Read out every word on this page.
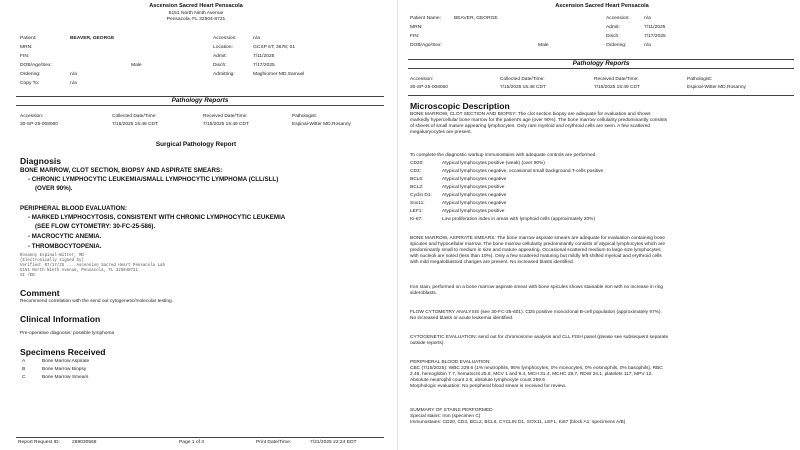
Ascension Sacred Heart Pensacola
5151 North Ninth Avenue
Pensacola, FL 32504-8721
Patient:	BEAVER, GEORGE
MRN:
FIN:
DOB/Age/Sex:	Male
Ordering:	n/a
Copy To:	n/a
Accession:	n/a
Location:	GCSP 6T; 3678; 01
Admit:	7/11/2025
Disch:	7/17/2025
Admitting:	Maghiomer MD,Samuel
Pathology Reports
Accession:	Collected Date/Time:	Received Date/Time:	Pathologist:
30-SP-25-008060	7/15/2025 15:48 CDT	7/15/2025 15:49 CDT	Espinal-Witter MD,Rosanny
Surgical Pathology Report
Diagnosis
BONE MARROW, CLOT SECTION, BIOPSY AND ASPIRATE SMEARS:
- CHRONIC LYMPHOCYTIC LEUKEMIA/SMALL LYMPHOCYTIC LYMPHOMA (CLL/SLL)
(OVER 90%).
PERIPHERAL BLOOD EVALUATION:
- MARKED LYMPHOCYTOSIS, CONSISTENT WITH CHRONIC LYMPHOCYTIC LEUKEMIA
(SEE FLOW CYTOMETRY: 30-FC-25-586).
- MACROCYTIC ANEMIA.
- THROMBOCYTOPENIA.
Rosanny Espinal-Witter, MD
(Electronically signed by)
Verified: 07/17/25 ... Ascension Sacred Heart Pensacola Lab
5151 North Ninth Avenue, Pensacola, FL 325048721
SI /EB
Comment
Recommend correlation with the send out cytogenetic/molecular testing.
Clinical Information
Pre-operative diagnosis: possible lymphoma
Specimens Received
A	Bone Marrow Aspirate
B	Bone Marrow Biopsy
C	Bone Marrow Smears
Report Request ID: 289030568	Page 1 of 3	Print Date/Time:	7/21/2025 22:24 EDT
Ascension Sacred Heart Pensacola
Patient Name:	BEAVER, GEORGE
MRN:
FIN:
DOB/Age/Sex:	Male
Accession:	n/a
Admit:	7/11/2025
Disch:	7/17/2025
Ordering:	n/a
Pathology Reports
Accession:	Collected Date/Time:	Received Date/Time:	Pathologist:
30-SP-25-008060	7/15/2025 15:48 CDT	7/15/2025 15:49 CDT	Espinal-Witter MD,Rosanny
Microscopic Description
BONE MARROW, CLOT SECTION AND BIOPSY: The clot section biopsy are adequate for evaluation and shows
markedly hypercellular bone marrow for the patient's age (over 90%). The bone marrow cellularity predominantly consists
of sheets of small mature appearing lymphocytes. Only rare myeloid and erythroid cells are seen. A few scattered
megakaryocytes are present.
To complete the diagnostic workup immunostains with adequate controls are performed.
CD20:	Atypical lymphocytes positive (weak) (over 90%)
CD3:	Atypical lymphocytes negative, occasional small background T-cells positive
BCL6:	Atypical lymphocytes negative
BCL2:	Atypical lymphocytes positive
Cyclin D1: Atypical lymphocytes negative
Sox11:	Atypical lymphocytes negative
LEF1:	Atypical lymphocytes positive
Ki-67:	Low proliferation index in areas with lymphoid cells (approximately 20%)
BONE MARROW, ASPIRATE SMEARS: The bone marrow aspirate smears are adequate for evaluation containing bone
spicules and hypocellular marrow. The bone marrow cellularity predominantly consists of atypical lymphocytes which are
predominantly small to medium in size and mature appearing. Occasional scattered medium to large size lymphocytes
with nucleoli are noted (less than 10%). Only a few scattered maturing but mildly left shifted myeloid and erythroid cells
with mild megaloblastoid changes are present. No increased blasts identified.
Iron stain, performed on a bone marrow aspirate smear with bone spicules shows stainable iron with no increase in ring
sideroblasts.
FLOW CYTOMETRY ANALYSIS (see 30-FC-25-601): CD5 positive monoclonal B-cell population (approximately 97%).
No increased blasts or acute leukemia identified.
CYTOGENETIC EVALUATION: send out for chromosome analysis and CLL FISH panel (please see subsequent separate
outside reports).
PERIPHERAL BLOOD EVALUATION:
CBC (7/15/2025): WBC 229.6 (1% neutrophils, 95% lymphocytes, 0% monocytes, 0% eosinophils, 0% basophils), RBC
2.46, hemoglobin 7.7, hematocrit 25.8, MCV 1 and 9.4, MCH 31.4, MCHC 28.7, RDW 24.1, platelets 117, MPV 12.
Absolute neutrophil count 2.6, absolute lymphocyte count 259.6
Morphologic evaluation: No peripheral blood smear is received for review.
SUMMARY OF STAINS PERFORMED
Special stains: Iron (specimen C)
Immunostains: CD20, CD3, BCL2, BCL6, CYCLIN D1, SOX11, LEF1, Ki67 (block A1: specimens A/B)
